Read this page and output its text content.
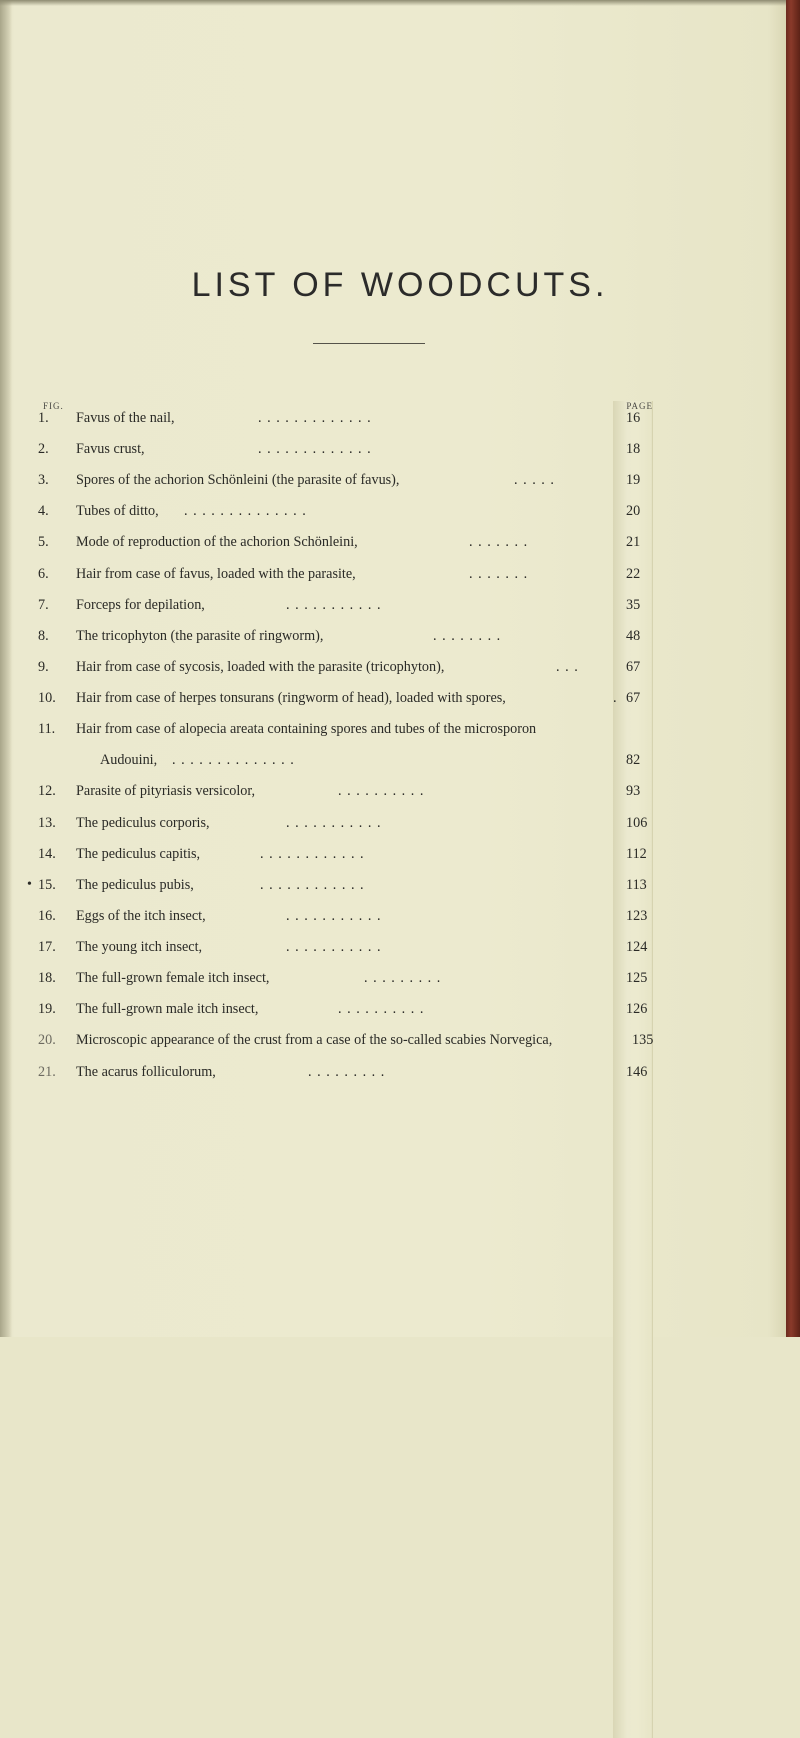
LIST OF WOODCUTS.
FIG.	PAGE
•
1.	Favus of the nail,	. . . . . . . . . . . . .	16
2.	Favus crust,	. . . . . . . . . . . . .	18
3.	Spores of the achorion Schönleini (the parasite of favus),	. . . . .	19
4.	Tubes of ditto, . . . . . . . . . . . . . .	20
5.	Mode of reproduction of the achorion Schönleini,	. . . . . . .	21
6.	Hair from case of favus, loaded with the parasite,	. . . . . . .	22
7.	Forceps for depilation,	. . . . . . . . . . .	35
8.	The tricophyton (the parasite of ringworm),	. . . . . . . .	48
9.	Hair from case of sycosis, loaded with the parasite (tricophyton),	. . .	67
10.	Hair from case of herpes tonsurans (ringworm of head), loaded with spores,	. 67
11.	Hair from case of alopecia areata containing spores and tubes of the microsporon
Audouini, . . . . . . . . . . . . . .	82
12.	Parasite of pityriasis versicolor,	. . . . . . . . . .	93
13.	The pediculus corporis,	. . . . . . . . . . .	106
14.	The pediculus capitis,	. . . . . . . . . . . .	112
15.	The pediculus pubis,	. . . . . . . . . . . .	113
16.	Eggs of the itch insect,	. . . . . . . . . . .	123
17.	The young itch insect,	. . . . . . . . . . .	124
18.	The full-grown female itch insect,	. . . . . . . . .	125
19.	The full-grown male itch insect,	. . . . . . . . . .	126
20.	Microscopic appearance of the crust from a case of the so-called scabies Norvegica,	135
21.	The acarus folliculorum,	. . . . . . . . .	146
